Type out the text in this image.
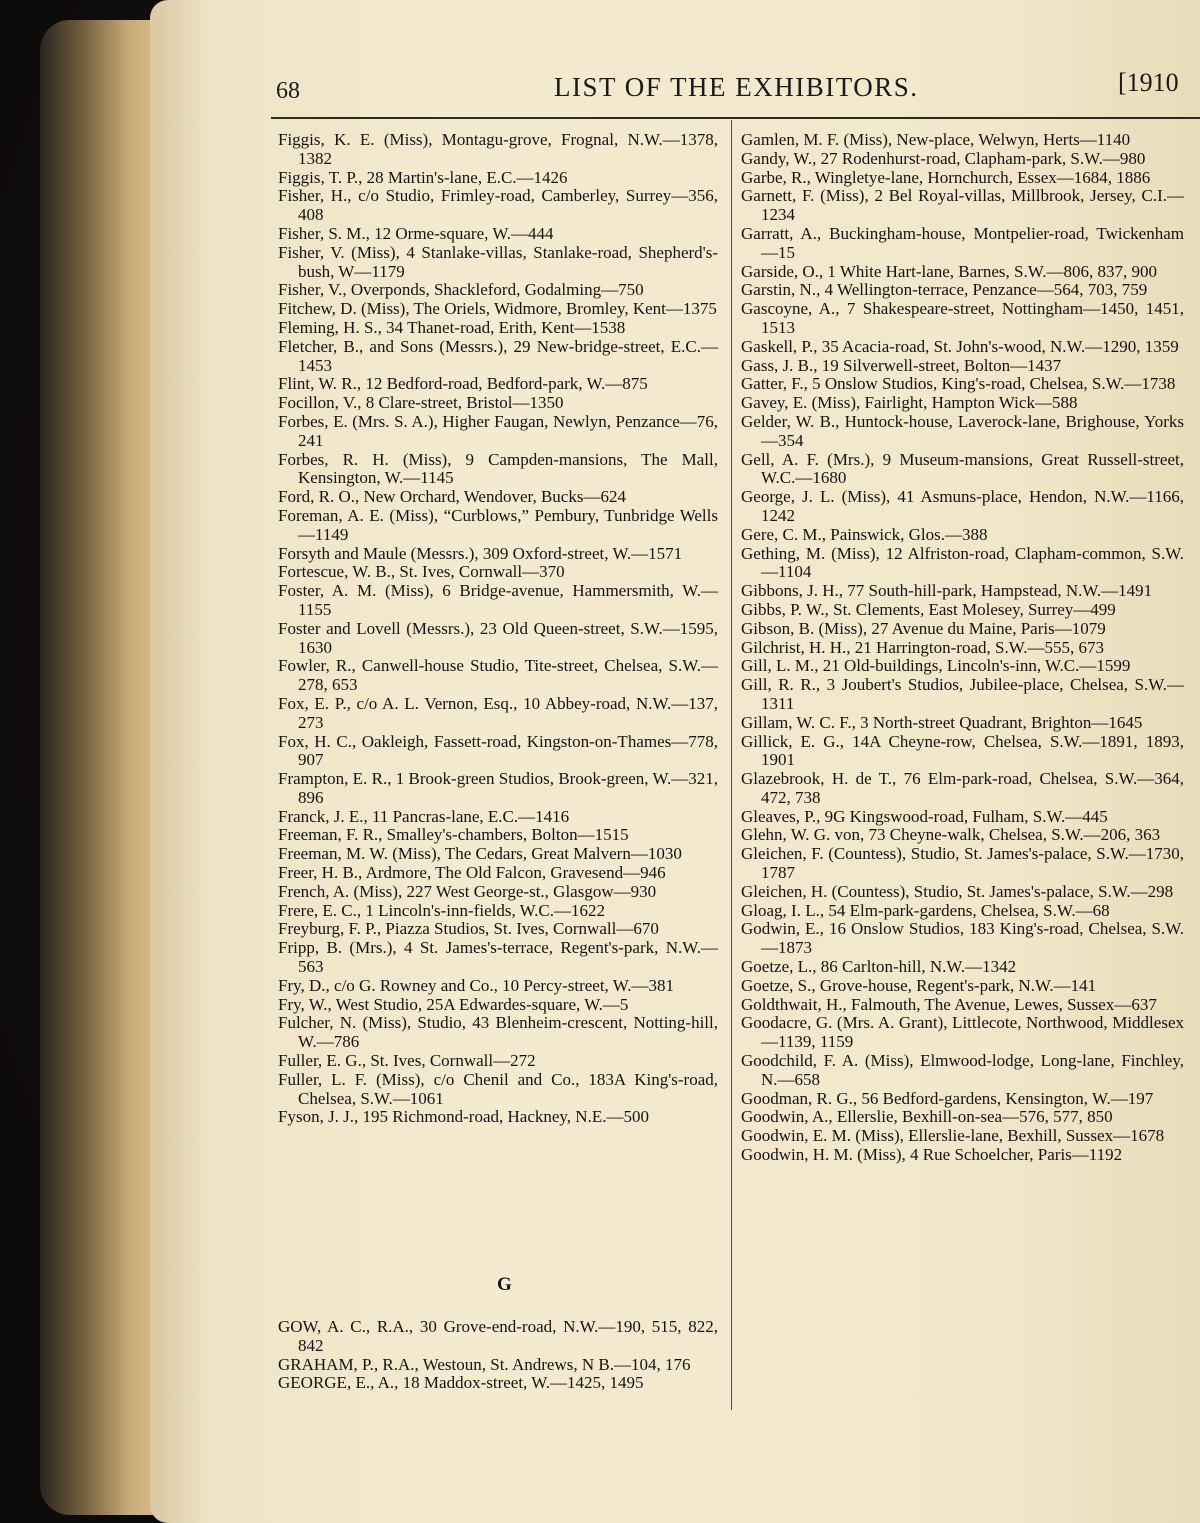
68	LIST OF THE EXHIBITORS.	[1910

Figgis, K. E. (Miss), Montagu-grove, Frognal, N.W.—1378, 1382

Figgis, T. P., 28 Martin's-lane, E.C.—1426

Fisher, H., c/o Studio, Frimley-road, Camberley, Surrey—356, 408

Fisher, S. M., 12 Orme-square, W.—444

Fisher, V. (Miss), 4 Stanlake-villas, Stanlake-road, Shepherd's-bush, W—1179

Fisher, V., Overponds, Shackleford, Godalming—750

Fitchew, D. (Miss), The Oriels, Widmore, Bromley, Kent—1375

Fleming, H. S., 34 Thanet-road, Erith, Kent—1538

Fletcher, B., and Sons (Messrs.), 29 New-bridge-street, E.C.—1453

Flint, W. R., 12 Bedford-road, Bedford-park, W.—875

Focillon, V., 8 Clare-street, Bristol—1350

Forbes, E. (Mrs. S. A.), Higher Faugan, Newlyn, Penzance—76, 241

Forbes, R. H. (Miss), 9 Campden-mansions, The Mall, Kensington, W.—1145

Ford, R. O., New Orchard, Wendover, Bucks—624

Foreman, A. E. (Miss), “Curblows,” Pembury, Tunbridge Wells—1149

Forsyth and Maule (Messrs.), 309 Oxford-street, W.—1571

Fortescue, W. B., St. Ives, Cornwall—370

Foster, A. M. (Miss), 6 Bridge-avenue, Hammersmith, W.—1155

Foster and Lovell (Messrs.), 23 Old Queen-street, S.W.—1595, 1630

Fowler, R., Canwell-house Studio, Tite-street, Chelsea, S.W.—278, 653

Fox, E. P., c/o A. L. Vernon, Esq., 10 Abbey-road, N.W.—137, 273

Fox, H. C., Oakleigh, Fassett-road, Kingston-on-Thames—778, 907

Frampton, E. R., 1 Brook-green Studios, Brook-green, W.—321, 896

Franck, J. E., 11 Pancras-lane, E.C.—1416

Freeman, F. R., Smalley's-chambers, Bolton—1515

Freeman, M. W. (Miss), The Cedars, Great Malvern—1030

Freer, H. B., Ardmore, The Old Falcon, Gravesend—946

French, A. (Miss), 227 West George-st., Glasgow—930

Frere, E. C., 1 Lincoln's-inn-fields, W.C.—1622

Freyburg, F. P., Piazza Studios, St. Ives, Cornwall—670

Fripp, B. (Mrs.), 4 St. James's-terrace, Regent's-park, N.W.—563

Fry, D., c/o G. Rowney and Co., 10 Percy-street, W.—381

Fry, W., West Studio, 25A Edwardes-square, W.—5

Fulcher, N. (Miss), Studio, 43 Blenheim-crescent, Notting-hill, W.—786

Fuller, E. G., St. Ives, Cornwall—272

Fuller, L. F. (Miss), c/o Chenil and Co., 183A King's-road, Chelsea, S.W.—1061

Fyson, J. J., 195 Richmond-road, Hackney, N.E.—500

G

GOW, A. C., R.A., 30 Grove-end-road, N.W.—190, 515, 822, 842

GRAHAM, P., R.A., Westoun, St. Andrews, N B.—104, 176

GEORGE, E., A., 18 Maddox-street, W.—1425, 1495

Gamlen, M. F. (Miss), New-place, Welwyn, Herts—1140

Gandy, W., 27 Rodenhurst-road, Clapham-park, S.W.—980

Garbe, R., Wingletye-lane, Hornchurch, Essex—1684, 1886

Garnett, F. (Miss), 2 Bel Royal-villas, Millbrook, Jersey, C.I.—1234

Garratt, A., Buckingham-house, Montpelier-road, Twickenham—15

Garside, O., 1 White Hart-lane, Barnes, S.W.—806, 837, 900

Garstin, N., 4 Wellington-terrace, Penzance—564, 703, 759

Gascoyne, A., 7 Shakespeare-street, Nottingham—1450, 1451, 1513

Gaskell, P., 35 Acacia-road, St. John's-wood, N.W.—1290, 1359

Gass, J. B., 19 Silverwell-street, Bolton—1437

Gatter, F., 5 Onslow Studios, King's-road, Chelsea, S.W.—1738

Gavey, E. (Miss), Fairlight, Hampton Wick—588

Gelder, W. B., Huntock-house, Laverock-lane, Brighouse, Yorks—354

Gell, A. F. (Mrs.), 9 Museum-mansions, Great Russell-street, W.C.—1680

George, J. L. (Miss), 41 Asmuns-place, Hendon, N.W.—1166, 1242

Gere, C. M., Painswick, Glos.—388

Gething, M. (Miss), 12 Alfriston-road, Clapham-common, S.W.—1104

Gibbons, J. H., 77 South-hill-park, Hampstead, N.W.—1491

Gibbs, P. W., St. Clements, East Molesey, Surrey—499

Gibson, B. (Miss), 27 Avenue du Maine, Paris—1079

Gilchrist, H. H., 21 Harrington-road, S.W.—555, 673

Gill, L. M., 21 Old-buildings, Lincoln's-inn, W.C.—1599

Gill, R. R., 3 Joubert's Studios, Jubilee-place, Chelsea, S.W.—1311

Gillam, W. C. F., 3 North-street Quadrant, Brighton—1645

Gillick, E. G., 14A Cheyne-row, Chelsea, S.W.—1891, 1893, 1901

Glazebrook, H. de T., 76 Elm-park-road, Chelsea, S.W.—364, 472, 738

Gleaves, P., 9G Kingswood-road, Fulham, S.W.—445

Glehn, W. G. von, 73 Cheyne-walk, Chelsea, S.W.—206, 363

Gleichen, F. (Countess), Studio, St. James's-palace, S.W.—1730, 1787

Gleichen, H. (Countess), Studio, St. James's-palace, S.W.—298

Gloag, I. L., 54 Elm-park-gardens, Chelsea, S.W.—68

Godwin, E., 16 Onslow Studios, 183 King's-road, Chelsea, S.W.—1873

Goetze, L., 86 Carlton-hill, N.W.—1342

Goetze, S., Grove-house, Regent's-park, N.W.—141

Goldthwait, H., Falmouth, The Avenue, Lewes, Sussex—637

Goodacre, G. (Mrs. A. Grant), Littlecote, Northwood, Middlesex—1139, 1159

Goodchild, F. A. (Miss), Elmwood-lodge, Long-lane, Finchley, N.—658

Goodman, R. G., 56 Bedford-gardens, Kensington, W.—197

Goodwin, A., Ellerslie, Bexhill-on-sea—576, 577, 850

Goodwin, E. M. (Miss), Ellerslie-lane, Bexhill, Sussex—1678

Goodwin, H. M. (Miss), 4 Rue Schoelcher, Paris—1192
